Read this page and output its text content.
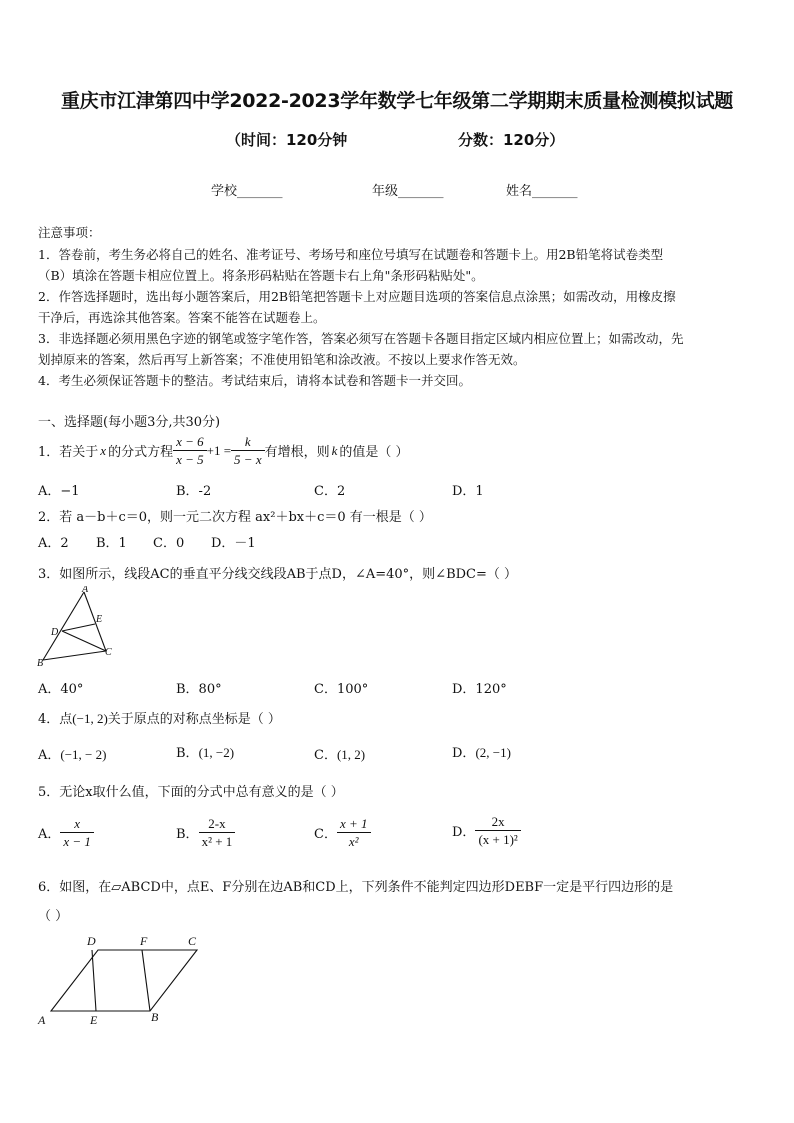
重庆市江津第四中学2022-2023学年数学七年级第二学期期末质量检测模拟试题
（时间：120分钟	分数：120分）
学校_______	年级_______	姓名_______
注意事项：
1．答卷前，考生务必将自己的姓名、准考证号、考场号和座位号填写在试题卷和答题卡上。用2B铅笔将试卷类型
（B）填涂在答题卡相应位置上。将条形码粘贴在答题卡右上角"条形码粘贴处"。
2．作答选择题时，选出每小题答案后，用2B铅笔把答题卡上对应题目选项的答案信息点涂黑；如需改动，用橡皮擦
干净后，再选涂其他答案。答案不能答在试题卷上。
3．非选择题必须用黑色字迹的钢笔或签字笔作答，答案必须写在答题卡各题目指定区域内相应位置上；如需改动，先
划掉原来的答案，然后再写上新答案；不准使用铅笔和涂改液。不按以上要求作答无效。
4．考生必须保证答题卡的整洁。考试结束后，请将本试卷和答题卡一并交回。
一、选择题(每小题3分,共30分)
1．若关于 x 的分式方程 $\frac{x - 6}{x - 5} +1 = \frac{k}{5 - x}$ 有增根，则 k 的值是（ ）
A．−1	B．-2	C．2	D．1
2．若 a－b＋c＝0，则一元二次方程 ax²＋bx＋c＝0 有一根是（ ）
A．2 B．1 C．0 D．－1
3．如图所示，线段AC的垂直平分线交线段AB于点D，∠A=40°，则∠BDC=（ ）
A
E
D
C
B
A．40°	B．80°	C．100°	D．120°
4．点(−1, 2)关于原点的对称点坐标是（ ）
A．(−1, − 2)	B．(1, −2)	C．(1, 2)	D．(2, −1)
5．无论x取什么值，下面的分式中总有意义的是（ ）
A． $\frac{x}{x - 1}$	B． $\frac{2-x}{\text{x² + 1}}$	C． $\frac{x + 1}{\text{x²}}$	D． $\frac{2x}{\text{(x + 1)²}}$
6．如图，在▱ABCD中，点E、F分别在边AB和CD上，下列条件不能判定四边形DEBF一定是平行四边形的是
（ ）
D	F	C
A	E	B
